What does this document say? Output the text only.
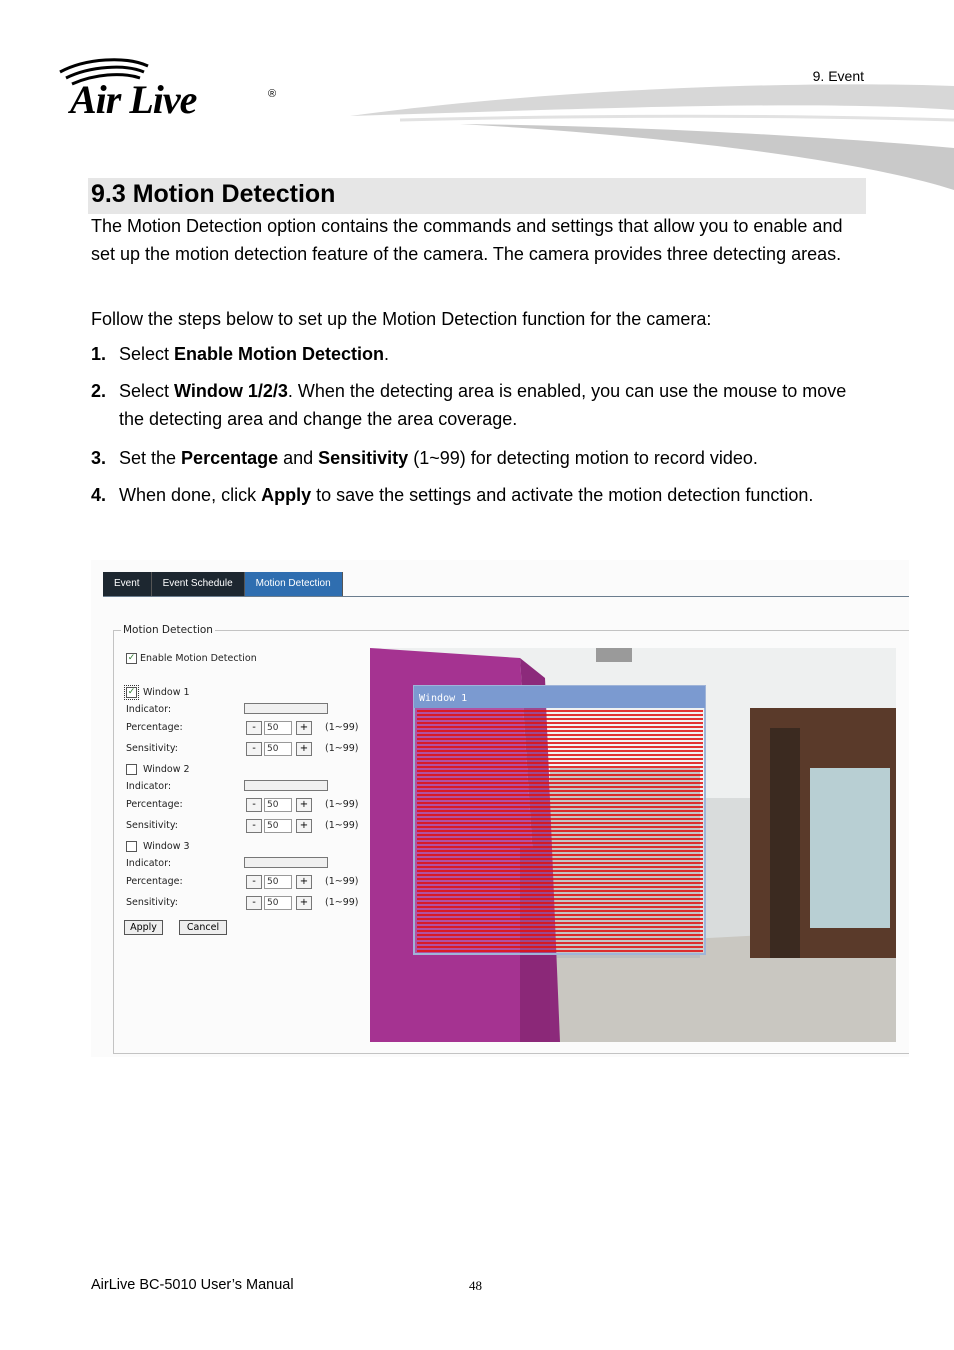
Air Live	®
9. Event
9.3 Motion Detection
The Motion Detection option contains the commands and settings that allow you to enable and set up the motion detection feature of the camera. The camera provides three detecting areas.
Follow the steps below to set up the Motion Detection function for the camera:
1. Select Enable Motion Detection.
2. Select Window 1/2/3. When the detecting area is enabled, you can use the mouse to move the detecting area and change the area coverage.
3. Set the Percentage and Sensitivity (1~99) for detecting motion to record video.
4. When done, click Apply to save the settings and activate the motion detection function.
Event	Event Schedule	Motion Detection
Motion Detection
✓ Enable Motion Detection
✓ Window 1
Indicator:
Percentage:	-	50	+	(1~99)
Sensitivity:	-	50	+	(1~99)
Window 2
Indicator:
Percentage:	-	50	+	(1~99)
Sensitivity:	-	50	+	(1~99)
Window 3
Indicator:
Percentage:	-	50	+	(1~99)
Sensitivity:	-	50	+	(1~99)
Apply	Cancel
Window 1
AirLive BC-5010 User’s Manual	48
